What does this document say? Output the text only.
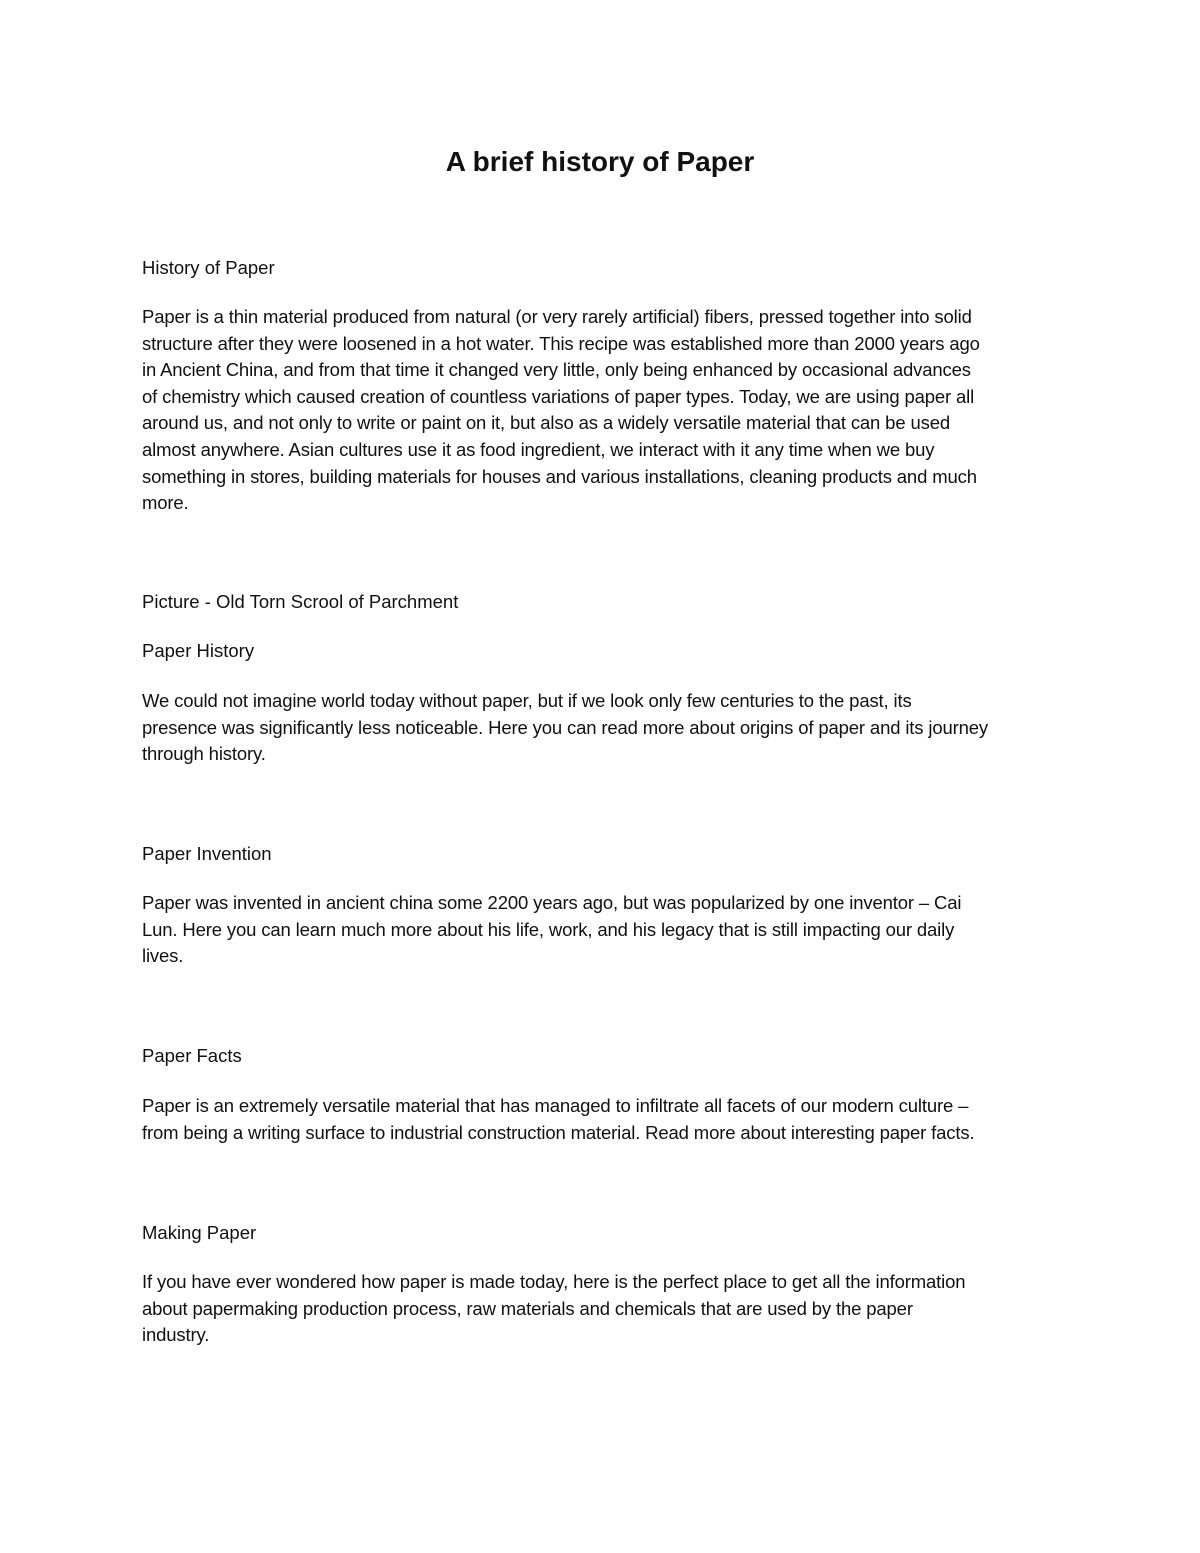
A brief history of Paper

History of Paper

Paper is a thin material produced from natural (or very rarely artificial) fibers, pressed together into solid
structure after they were loosened in a hot water. This recipe was established more than 2000 years ago
in Ancient China, and from that time it changed very little, only being enhanced by occasional advances
of chemistry which caused creation of countless variations of paper types. Today, we are using paper all
around us, and not only to write or paint on it, but also as a widely versatile material that can be used
almost anywhere. Asian cultures use it as food ingredient, we interact with it any time when we buy
something in stores, building materials for houses and various installations, cleaning products and much
more.

Picture - Old Torn Scrool of Parchment

Paper History

We could not imagine world today without paper, but if we look only few centuries to the past, its
presence was significantly less noticeable. Here you can read more about origins of paper and its journey
through history.

Paper Invention

Paper was invented in ancient china some 2200 years ago, but was popularized by one inventor – Cai
Lun. Here you can learn much more about his life, work, and his legacy that is still impacting our daily
lives.

Paper Facts

Paper is an extremely versatile material that has managed to infiltrate all facets of our modern culture –
from being a writing surface to industrial construction material. Read more about interesting paper facts.

Making Paper

If you have ever wondered how paper is made today, here is the perfect place to get all the information
about papermaking production process, raw materials and chemicals that are used by the paper
industry.
